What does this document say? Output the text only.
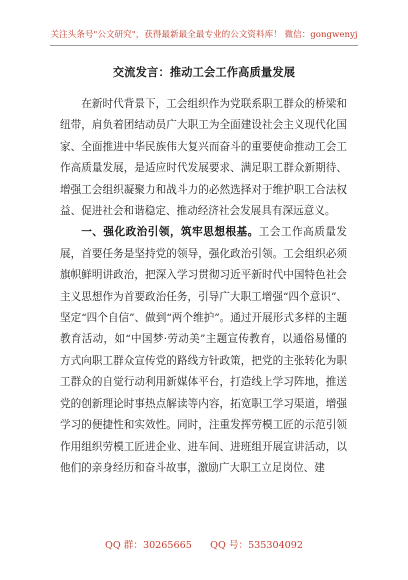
关注头条号"公文研究"，获得最新最全最专业的公文资料库！ 微信：gongwenyj
交流发言：推动工会工作高质量发展

在新时代背景下，工会组织作为党联系职工群众的桥梁和纽带，肩负着团结动员广大职工为全面建设社会主义现代化国家、全面推进中华民族伟大复兴而奋斗的重要使命推动工会工作高质量发展，是适应时代发展要求、满足职工群众新期待、增强工会组织凝聚力和战斗力的必然选择对于维护职工合法权益、促进社会和谐稳定、推动经济社会发展具有深远意义。

一、强化政治引领，筑牢思想根基。工会工作高质量发展，首要任务是坚持党的领导，强化政治引领。工会组织必须旗帜鲜明讲政治，把深入学习贯彻习近平新时代中国特色社会主义思想作为首要政治任务，引导广大职工增强“四个意识”、坚定“四个自信”、做到“两个维护”。通过开展形式多样的主题教育活动，如“中国梦·劳动美”主题宣传教育，以通俗易懂的方式向职工群众宣传党的路线方针政策，把党的主张转化为职工群众的自觉行动利用新媒体平台，打造线上学习阵地，推送党的创新理论时事热点解读等内容，拓宽职工学习渠道，增强学习的便捷性和实效性。同时，注重发挥劳模工匠的示范引领作用组织劳模工匠进企业、进车间、进班组开展宣讲活动，以他们的亲身经历和奋斗故事，激励广大职工立足岗位、建

QQ 群：30265665      QQ 号：535304092
